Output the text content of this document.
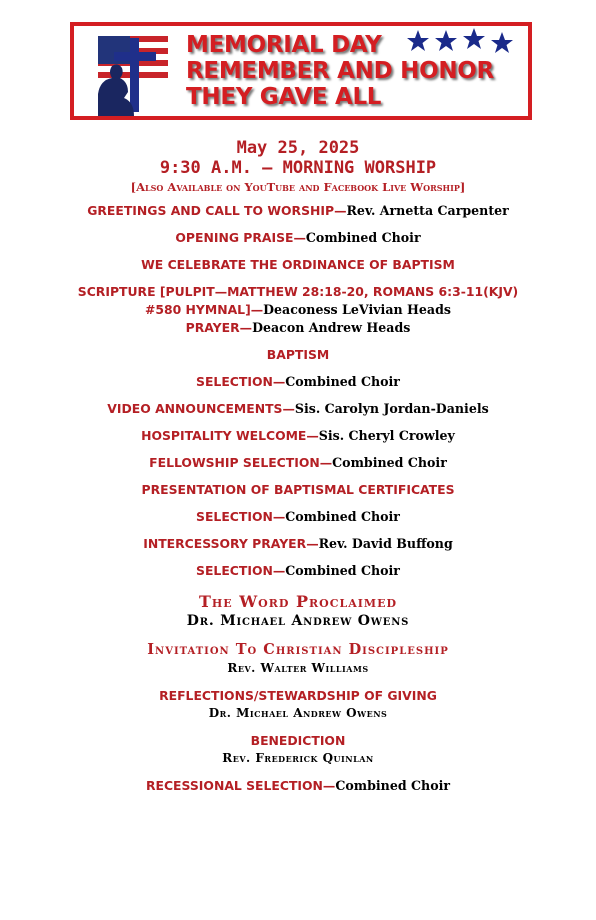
MEMORIAL DAY
REMEMBER AND HONOR
THEY GAVE ALL
May 25, 2025
9:30 A.M. — MORNING WORSHIP
[Also Available on YouTube and Facebook Live Worship]
GREETINGS AND CALL TO WORSHIP—Rev. Arnetta Carpenter
OPENING PRAISE—Combined Choir
WE CELEBRATE THE ORDINANCE OF BAPTISM
SCRIPTURE [PULPIT—MATTHEW 28:18-20, ROMANS 6:3-11(KJV)
#580 HYMNAL]—Deaconess LeVivian Heads
PRAYER—Deacon Andrew Heads
BAPTISM
SELECTION—Combined Choir
VIDEO ANNOUNCEMENTS—Sis. Carolyn Jordan-Daniels
HOSPITALITY WELCOME—Sis. Cheryl Crowley
FELLOWSHIP SELECTION—Combined Choir
PRESENTATION OF BAPTISMAL CERTIFICATES
SELECTION—Combined Choir
INTERCESSORY PRAYER—Rev. David Buffong
SELECTION—Combined Choir
The Word Proclaimed
Dr. Michael Andrew Owens
Invitation To Christian Discipleship
Rev. Walter Williams
REFLECTIONS/STEWARDSHIP OF GIVING
Dr. Michael Andrew Owens
BENEDICTION
Rev. Frederick Quinlan
RECESSIONAL SELECTION—Combined Choir
